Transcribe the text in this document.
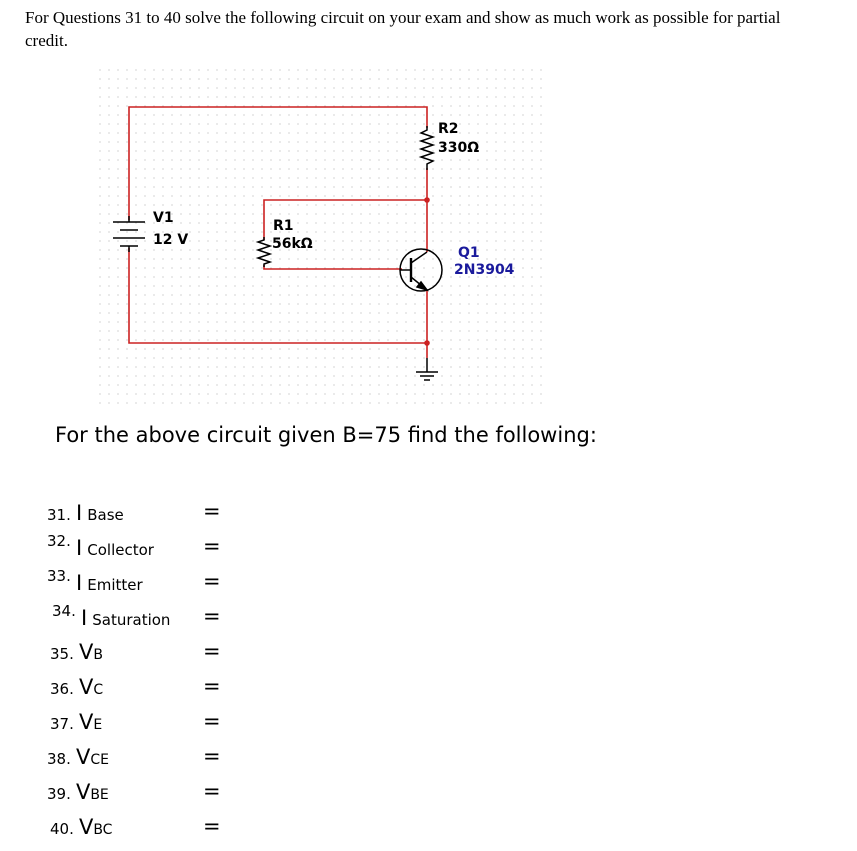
For Questions 31 to 40 solve the following circuit on your exam and show as much work as possible for partial credit.
V1
12 V
R1
56kΩ
R2
330Ω
Q1
2N3904
For the above circuit given B=75 find the following:
31. I Base
32. I Collector
33. I Emitter
34. I Saturation
35. VB
36. VC
37. VE
38. VCE
39. VBE
40. VBC
=
=
=
=
=
=
=
=
=
=
